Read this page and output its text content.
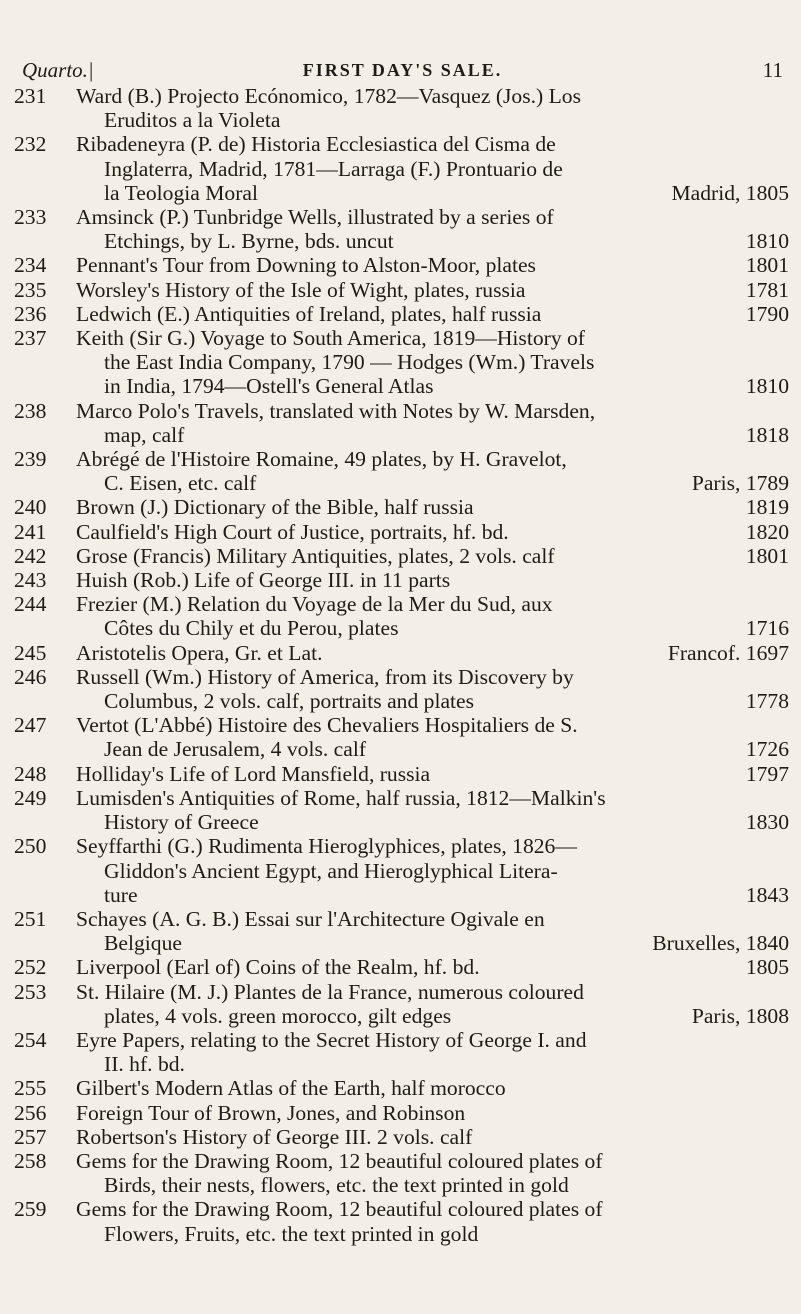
Quarto.|	FIRST DAY'S SALE.	11
231	Ward (B.) Projecto Ecónomico, 1782—Vasquez (Jos.) Los
Eruditos a la Violeta
232	Ribadeneyra (P. de) Historia Ecclesiastica del Cisma de
Inglaterra, Madrid, 1781—Larraga (F.) Prontuario de
la Teologia Moral	Madrid, 1805
233	Amsinck (P.) Tunbridge Wells, illustrated by a series of
Etchings, by L. Byrne, bds. uncut	1810
234	Pennant's Tour from Downing to Alston-Moor, plates	1801
235	Worsley's History of the Isle of Wight, plates, russia	1781
236	Ledwich (E.) Antiquities of Ireland, plates, half russia	1790
237	Keith (Sir G.) Voyage to South America, 1819—History of
the East India Company, 1790 — Hodges (Wm.) Travels
in India, 1794—Ostell's General Atlas	1810
238	Marco Polo's Travels, translated with Notes by W. Marsden,
map, calf	1818
239	Abrégé de l'Histoire Romaine, 49 plates, by H. Gravelot,
C. Eisen, etc. calf	Paris, 1789
240	Brown (J.) Dictionary of the Bible, half russia	1819
241	Caulfield's High Court of Justice, portraits, hf. bd.	1820
242	Grose (Francis) Military Antiquities, plates, 2 vols. calf	1801
243	Huish (Rob.) Life of George III. in 11 parts
244	Frezier (M.) Relation du Voyage de la Mer du Sud, aux
Côtes du Chily et du Perou, plates	1716
245	Aristotelis Opera, Gr. et Lat.	Francof. 1697
246	Russell (Wm.) History of America, from its Discovery by
Columbus, 2 vols. calf, portraits and plates	1778
247	Vertot (L'Abbé) Histoire des Chevaliers Hospitaliers de S.
Jean de Jerusalem, 4 vols. calf	1726
248	Holliday's Life of Lord Mansfield, russia	1797
249	Lumisden's Antiquities of Rome, half russia, 1812—Malkin's
History of Greece	1830
250	Seyffarthi (G.) Rudimenta Hieroglyphices, plates, 1826—
Gliddon's Ancient Egypt, and Hieroglyphical Litera-
ture	1843
251	Schayes (A. G. B.) Essai sur l'Architecture Ogivale en
Belgique	Bruxelles, 1840
252	Liverpool (Earl of) Coins of the Realm, hf. bd.	1805
253	St. Hilaire (M. J.) Plantes de la France, numerous coloured
plates, 4 vols. green morocco, gilt edges	Paris, 1808
254	Eyre Papers, relating to the Secret History of George I. and
II. hf. bd.
255	Gilbert's Modern Atlas of the Earth, half morocco
256	Foreign Tour of Brown, Jones, and Robinson
257	Robertson's History of George III. 2 vols. calf
258	Gems for the Drawing Room, 12 beautiful coloured plates of
Birds, their nests, flowers, etc. the text printed in gold
259	Gems for the Drawing Room, 12 beautiful coloured plates of
Flowers, Fruits, etc. the text printed in gold
